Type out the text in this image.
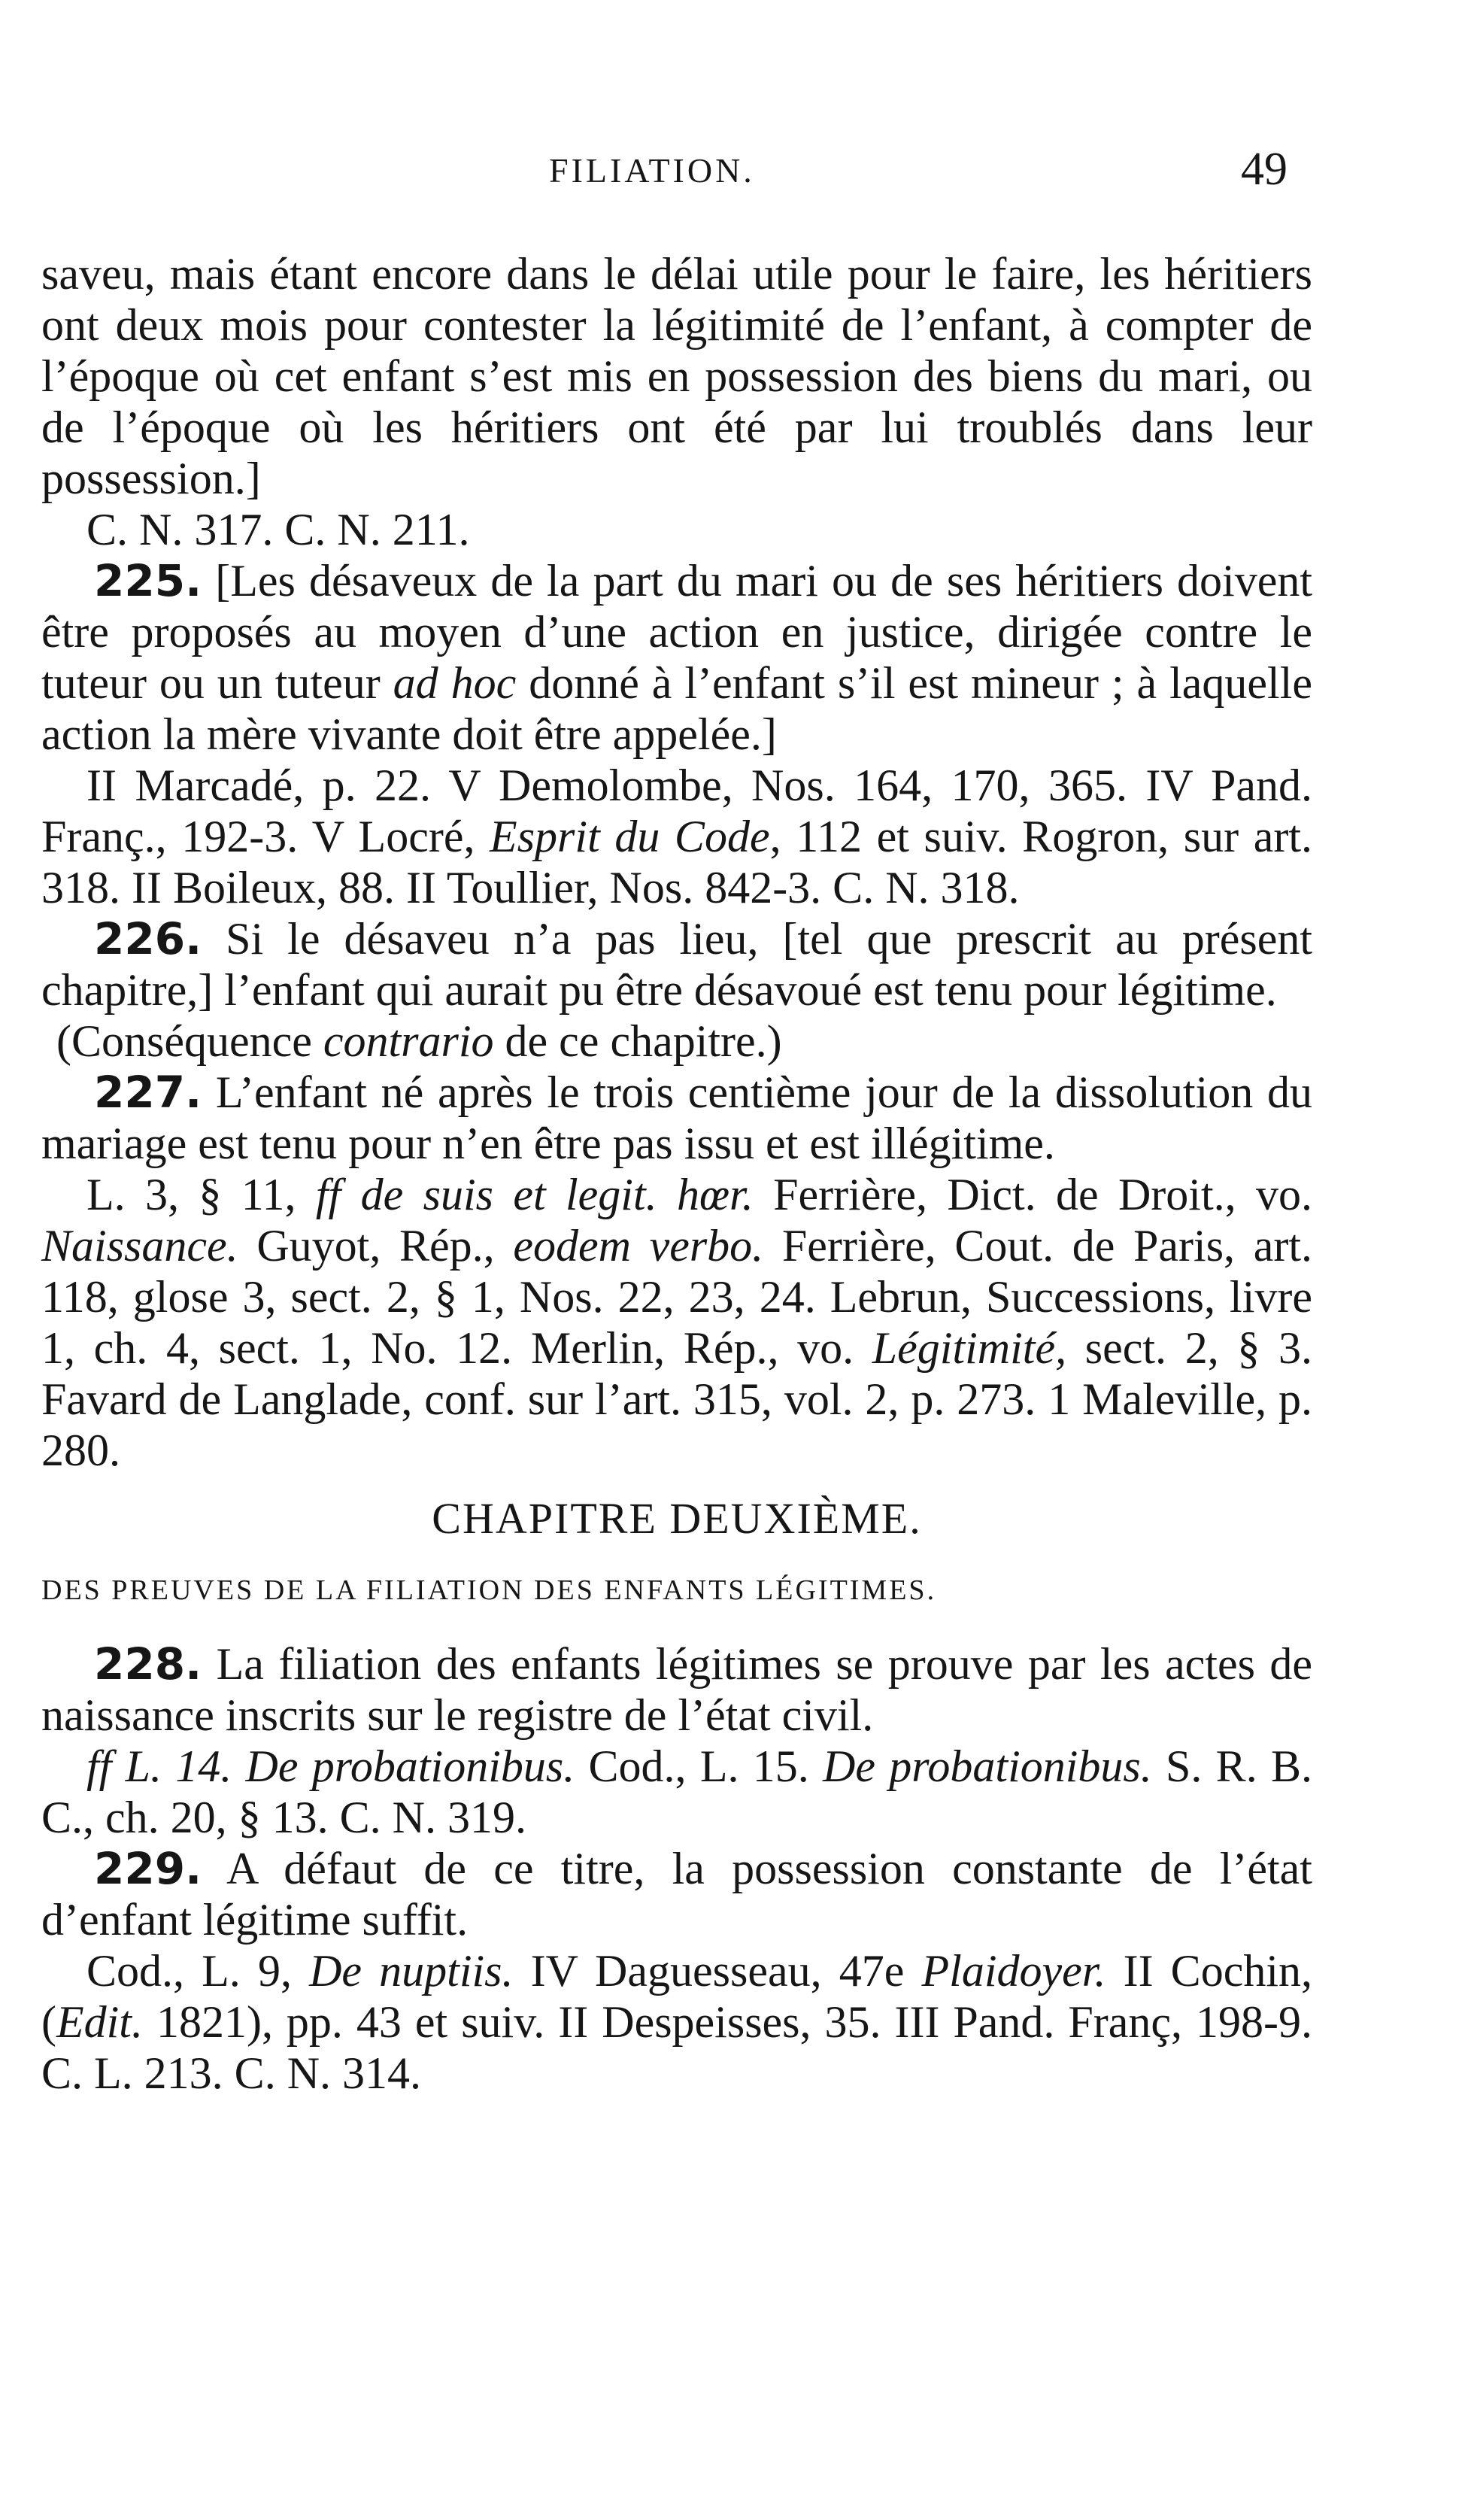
FILIATION.	49

saveu, mais étant encore dans le délai utile pour le faire, les héritiers ont deux mois pour contester la légitimité de l’enfant, à compter de l’époque où cet enfant s’est mis en possession des biens du mari, ou de l’époque où les héritiers ont été par lui troublés dans leur possession.]

C. N. 317. C. N. 211.

225. [Les désaveux de la part du mari ou de ses héritiers doivent être proposés au moyen d’une action en justice, dirigée contre le tuteur ou un tuteur ad hoc donné à l’enfant s’il est mineur ; à laquelle action la mère vivante doit être appelée.]

II Marcadé, p. 22. V Demolombe, Nos. 164, 170, 365. IV Pand. Franç., 192-3. V Locré, Esprit du Code, 112 et suiv. Rogron, sur art. 318. II Boileux, 88. II Toullier, Nos. 842-3. C. N. 318.

226. Si le désaveu n’a pas lieu, [tel que prescrit au présent chapitre,] l’enfant qui aurait pu être désavoué est tenu pour légitime.

(Conséquence contrario de ce chapitre.)

227. L’enfant né après le trois centième jour de la dissolution du mariage est tenu pour n’en être pas issu et est illégitime.

L. 3, § 11, ff de suis et legit. hœr. Ferrière, Dict. de Droit., vo. Naissance. Guyot, Rép., eodem verbo. Ferrière, Cout. de Paris, art. 118, glose 3, sect. 2, § 1, Nos. 22, 23, 24. Lebrun, Successions, livre 1, ch. 4, sect. 1, No. 12. Merlin, Rép., vo. Légitimité, sect. 2, § 3. Favard de Langlade, conf. sur l’art. 315, vol. 2, p. 273. 1 Maleville, p. 280.

CHAPITRE DEUXIÈME.
DES PREUVES DE LA FILIATION DES ENFANTS LÉGITIMES.

228. La filiation des enfants légitimes se prouve par les actes de naissance inscrits sur le registre de l’état civil.

ff L. 14. De probationibus. Cod., L. 15. De probationibus. S. R. B. C., ch. 20, § 13. C. N. 319.

229. A défaut de ce titre, la possession constante de l’état d’enfant légitime suffit.

Cod., L. 9, De nuptiis. IV Daguesseau, 47e Plaidoyer. II Cochin, (Edit. 1821), pp. 43 et suiv. II Despeisses, 35. III Pand. Franç, 198-9. C. L. 213. C. N. 314.
